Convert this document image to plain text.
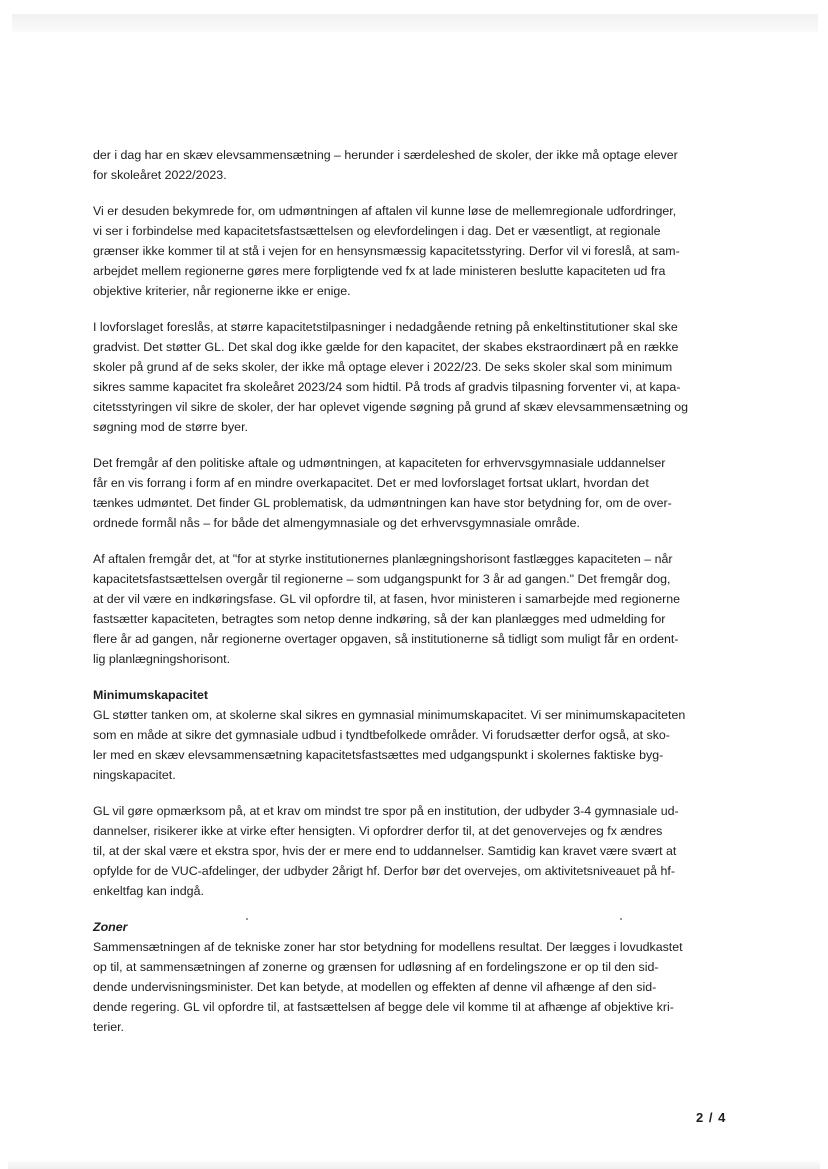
der i dag har en skæv elevsammensætning – herunder i særdeleshed de skoler, der ikke må optage elever
for skoleåret 2022/2023.

Vi er desuden bekymrede for, om udmøntningen af aftalen vil kunne løse de mellemregionale udfordringer,
vi ser i forbindelse med kapacitetsfastsættelsen og elevfordelingen i dag. Det er væsentligt, at regionale
grænser ikke kommer til at stå i vejen for en hensynsmæssig kapacitetsstyring. Derfor vil vi foreslå, at sam-
arbejdet mellem regionerne gøres mere forpligtende ved fx at lade ministeren beslutte kapaciteten ud fra
objektive kriterier, når regionerne ikke er enige.

I lovforslaget foreslås, at større kapacitetstilpasninger i nedadgående retning på enkeltinstitutioner skal ske
gradvist. Det støtter GL. Det skal dog ikke gælde for den kapacitet, der skabes ekstraordinært på en række
skoler på grund af de seks skoler, der ikke må optage elever i 2022/23. De seks skoler skal som minimum
sikres samme kapacitet fra skoleåret 2023/24 som hidtil. På trods af gradvis tilpasning forventer vi, at kapa-
citetsstyringen vil sikre de skoler, der har oplevet vigende søgning på grund af skæv elevsammensætning og
søgning mod de større byer.

Det fremgår af den politiske aftale og udmøntningen, at kapaciteten for erhvervsgymnasiale uddannelser
får en vis forrang i form af en mindre overkapacitet. Det er med lovforslaget fortsat uklart, hvordan det
tænkes udmøntet. Det finder GL problematisk, da udmøntningen kan have stor betydning for, om de over-
ordnede formål nås – for både det almengymnasiale og det erhvervsgymnasiale område.

Af aftalen fremgår det, at "for at styrke institutionernes planlægningshorisont fastlægges kapaciteten – når
kapacitetsfastsættelsen overgår til regionerne – som udgangspunkt for 3 år ad gangen." Det fremgår dog,
at der vil være en indkøringsfase. GL vil opfordre til, at fasen, hvor ministeren i samarbejde med regionerne
fastsætter kapaciteten, betragtes som netop denne indkøring, så der kan planlægges med udmelding for
flere år ad gangen, når regionerne overtager opgaven, så institutionerne så tidligt som muligt får en ordent-
lig planlægningshorisont.

Minimumskapacitet

GL støtter tanken om, at skolerne skal sikres en gymnasial minimumskapacitet. Vi ser minimumskapaciteten
som en måde at sikre det gymnasiale udbud i tyndtbefolkede områder. Vi forudsætter derfor også, at sko-
ler med en skæv elevsammensætning kapacitetsfastsættes med udgangspunkt i skolernes faktiske byg-
ningskapacitet.

GL vil gøre opmærksom på, at et krav om mindst tre spor på en institution, der udbyder 3-4 gymnasiale ud-
dannelser, risikerer ikke at virke efter hensigten. Vi opfordrer derfor til, at det genovervejes og fx ændres
til, at der skal være et ekstra spor, hvis der er mere end to uddannelser. Samtidig kan kravet være svært at
opfylde for de VUC-afdelinger, der udbyder 2årigt hf. Derfor bør det overvejes, om aktivitetsniveauet på hf-
enkeltfag kan indgå.

Zoner

Sammensætningen af de tekniske zoner har stor betydning for modellens resultat. Der lægges i lovudkastet
op til, at sammensætningen af zonerne og grænsen for udløsning af en fordelingszone er op til den sid-
dende undervisningsminister. Det kan betyde, at modellen og effekten af denne vil afhænge af den sid-
dende regering. GL vil opfordre til, at fastsættelsen af begge dele vil komme til at afhænge af objektive kri-
terier.

2 / 4
